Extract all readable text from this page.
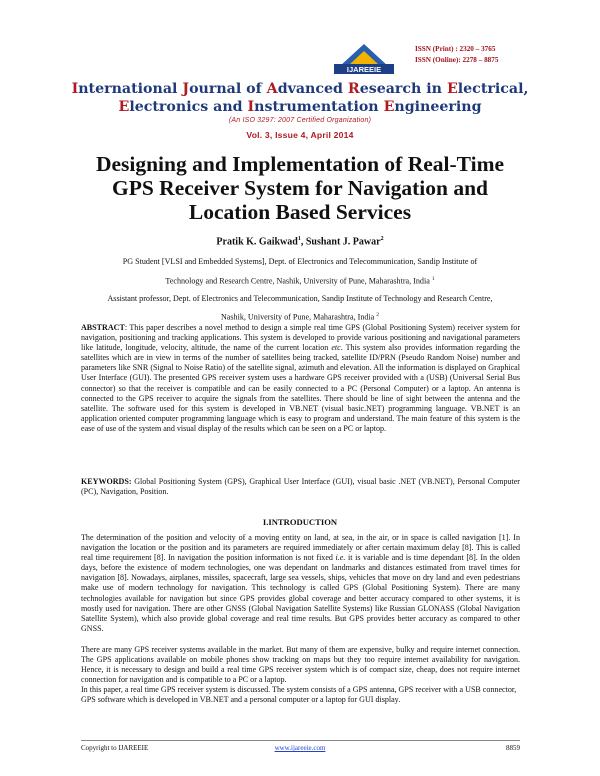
IJAREEIE
ISSN (Print) : 2320 – 3765
ISSN (Online): 2278 – 8875
International Journal of Advanced Research in Electrical,
Electronics and Instrumentation Engineering
(An ISO 3297: 2007 Certified Organization)
Vol. 3, Issue 4, April 2014
Designing and Implementation of Real-Time
GPS Receiver System for Navigation and
Location Based Services
Pratik K. Gaikwad$^1$, Sushant J. Pawar$^2$
PG Student [VLSI and Embedded Systems], Dept. of Electronics and Telecommunication, Sandip Institute of
Technology and Research Centre, Nashik, University of Pune, Maharashtra, India $^1$
Assistant professor, Dept. of Electronics and Telecommunication, Sandip Institute of Technology and Research Centre,
Nashik, University of Pune, Maharashtra, India $^2$
ABSTRACT: This paper describes a novel method to design a simple real time GPS (Global Positioning System) receiver system for navigation, positioning and tracking applications. This system is developed to provide various positioning and navigational parameters like latitude, longitude, velocity, altitude, the name of the current location etc. This system also provides information regarding the satellites which are in view in terms of the number of satellites being tracked, satellite ID/PRN (Pseudo Random Noise) number and parameters like SNR (Signal to Noise Ratio) of the satellite signal, azimuth and elevation. All the information is displayed on Graphical User Interface (GUI). The presented GPS receiver system uses a hardware GPS receiver provided with a (USB) (Universal Serial Bus connector) so that the receiver is compatible and can be easily connected to a PC (Personal Computer) or a laptop. An antenna is connected to the GPS receiver to acquire the signals from the satellites. There should be line of sight between the antenna and the satellite. The software used for this system is developed in VB.NET (visual basic.NET) programming language. VB.NET is an application oriented computer programming language which is easy to program and understand. The main feature of this system is the ease of use of the system and visual display of the results which can be seen on a PC or laptop.
KEYWORDS: Global Positioning System (GPS), Graphical User Interface (GUI), visual basic .NET (VB.NET), Personal Computer (PC), Navigation, Position.
I.INTRODUCTION
The determination of the position and velocity of a moving entity on land, at sea, in the air, or in space is called navigation [1]. In navigation the location or the position and its parameters are required immediately or after certain maximum delay [8]. This is called real time requirement [8]. In navigation the position information is not fixed i.e. it is variable and is time dependant [8]. In the olden days, before the existence of modern technologies, one was dependant on landmarks and distances estimated from travel times for navigation [8]. Nowadays, airplanes, missiles, spacecraft, large sea vessels, ships, vehicles that move on dry land and even pedestrians make use of modern technology for navigation. This technology is called GPS (Global Positioning System). There are many technologies available for navigation but since GPS provides global coverage and better accuracy compared to other systems, it is mostly used for navigation. There are other GNSS (Global Navigation Satellite Systems) like Russian GLONASS (Global Navigation Satellite System), which also provide global coverage and real time results. But GPS provides better accuracy as compared to other GNSS.

There are many GPS receiver systems available in the market. But many of them are expensive, bulky and require internet connection. The GPS applications available on mobile phones show tracking on maps but they too require internet availability for navigation. Hence, it is necessary to design and build a real time GPS receiver system which is of compact size, cheap, does not require internet connection for navigation and is compatible to a PC or a laptop.

In this paper, a real time GPS receiver system is discussed. The system consists of a GPS antenna, GPS receiver with a USB connector, GPS software which is developed in VB.NET and a personal computer or a laptop for GUI display.

Copyright to IJAREEIE	www.ijareeie.com	8859
